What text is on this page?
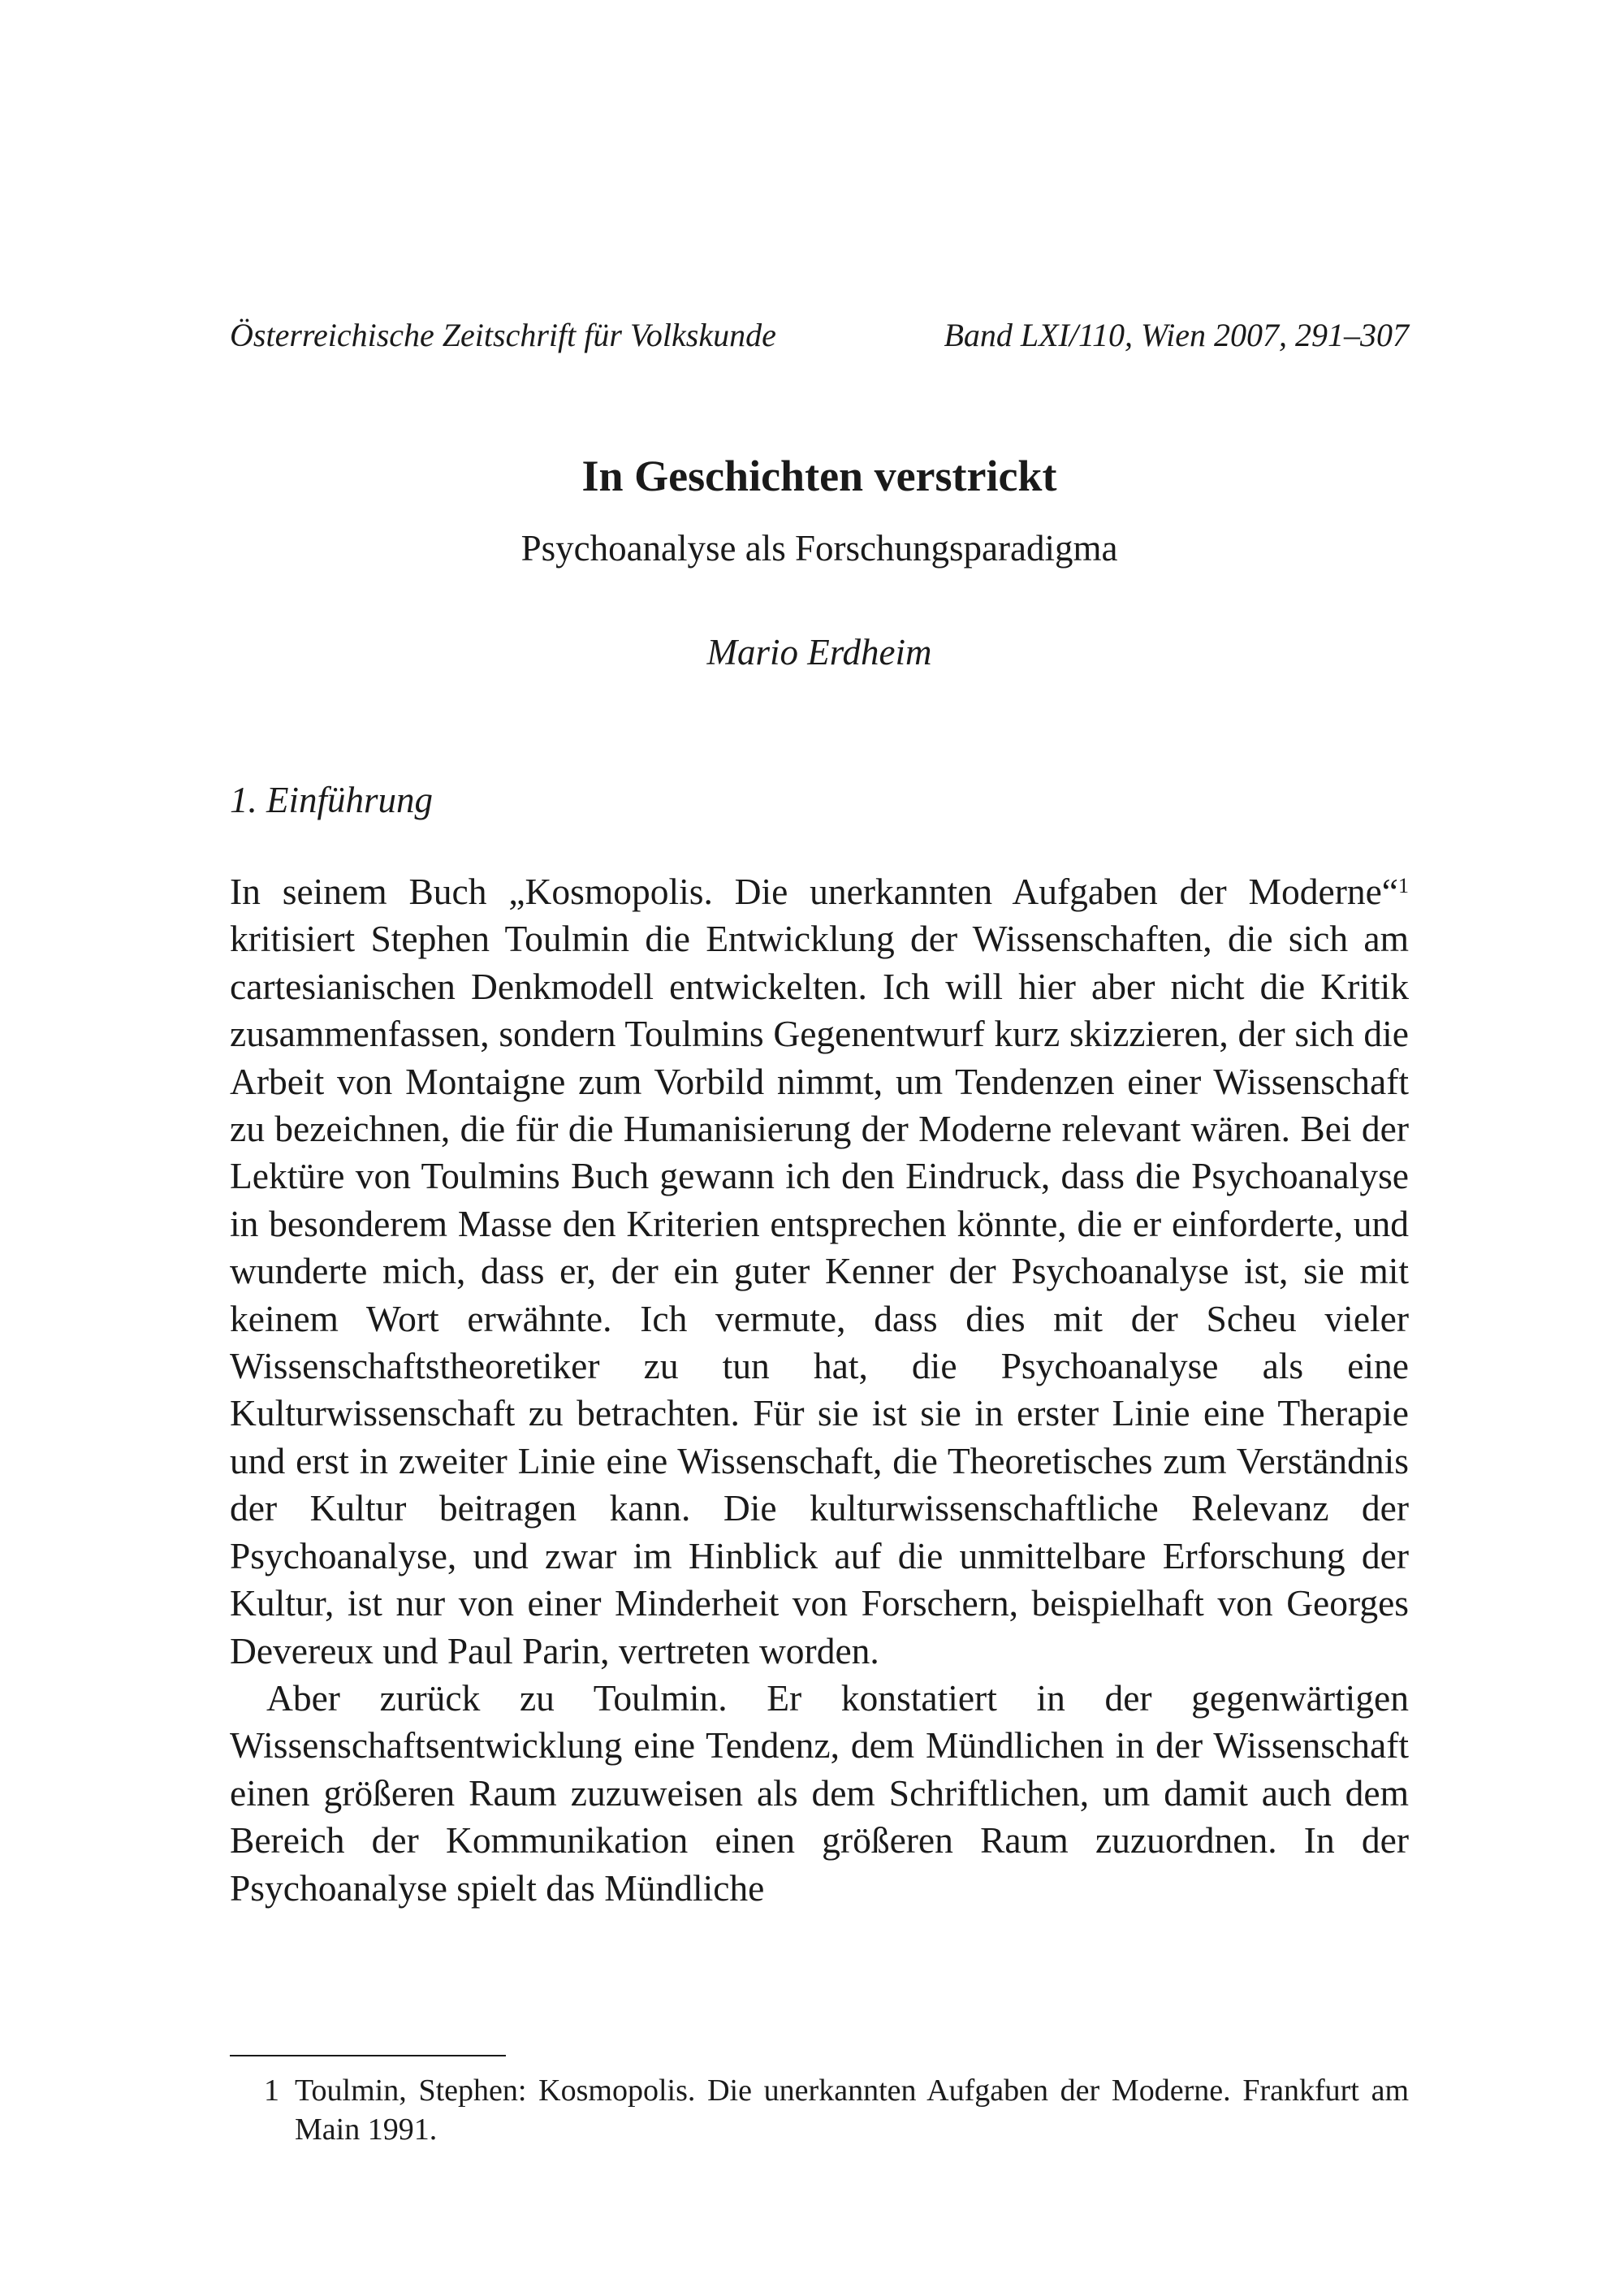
Österreichische Zeitschrift für Volkskunde	Band LXI/110, Wien 2007, 291–307
In Geschichten verstrickt
Psychoanalyse als Forschungsparadigma
Mario Erdheim
1. Einführung

In seinem Buch „Kosmopolis. Die unerkannten Aufgaben der Moderne“$^1$ kritisiert Stephen Toulmin die Entwicklung der Wissenschaften, die sich am cartesianischen Denkmodell entwickelten. Ich will hier aber nicht die Kritik zusammenfassen, sondern Toulmins Gegenentwurf kurz skizzieren, der sich die Arbeit von Montaigne zum Vorbild nimmt, um Tendenzen einer Wissenschaft zu bezeichnen, die für die Humanisierung der Moderne relevant wären. Bei der Lektüre von Toulmins Buch gewann ich den Eindruck, dass die Psychoanalyse in besonderem Masse den Kriterien entsprechen könnte, die er einforderte, und wunderte mich, dass er, der ein guter Kenner der Psychoanalyse ist, sie mit keinem Wort erwähnte. Ich vermute, dass dies mit der Scheu vieler Wissenschaftstheoretiker zu tun hat, die Psychoanalyse als eine Kulturwissenschaft zu betrachten. Für sie ist sie in erster Linie eine Therapie und erst in zweiter Linie eine Wissenschaft, die Theoretisches zum Verständnis der Kultur beitragen kann. Die kulturwissenschaftliche Relevanz der Psychoanalyse, und zwar im Hinblick auf die unmittelbare Erforschung der Kultur, ist nur von einer Minderheit von Forschern, beispielhaft von Georges Devereux und Paul Parin, vertreten worden.

Aber zurück zu Toulmin. Er konstatiert in der gegenwärtigen Wissenschaftsentwicklung eine Tendenz, dem Mündlichen in der Wissenschaft einen größeren Raum zuzuweisen als dem Schriftlichen, um damit auch dem Bereich der Kommunikation einen größeren Raum zuzuordnen. In der Psychoanalyse spielt das Mündliche

1 Toulmin, Stephen: Kosmopolis. Die unerkannten Aufgaben der Moderne. Frankfurt am Main 1991.
